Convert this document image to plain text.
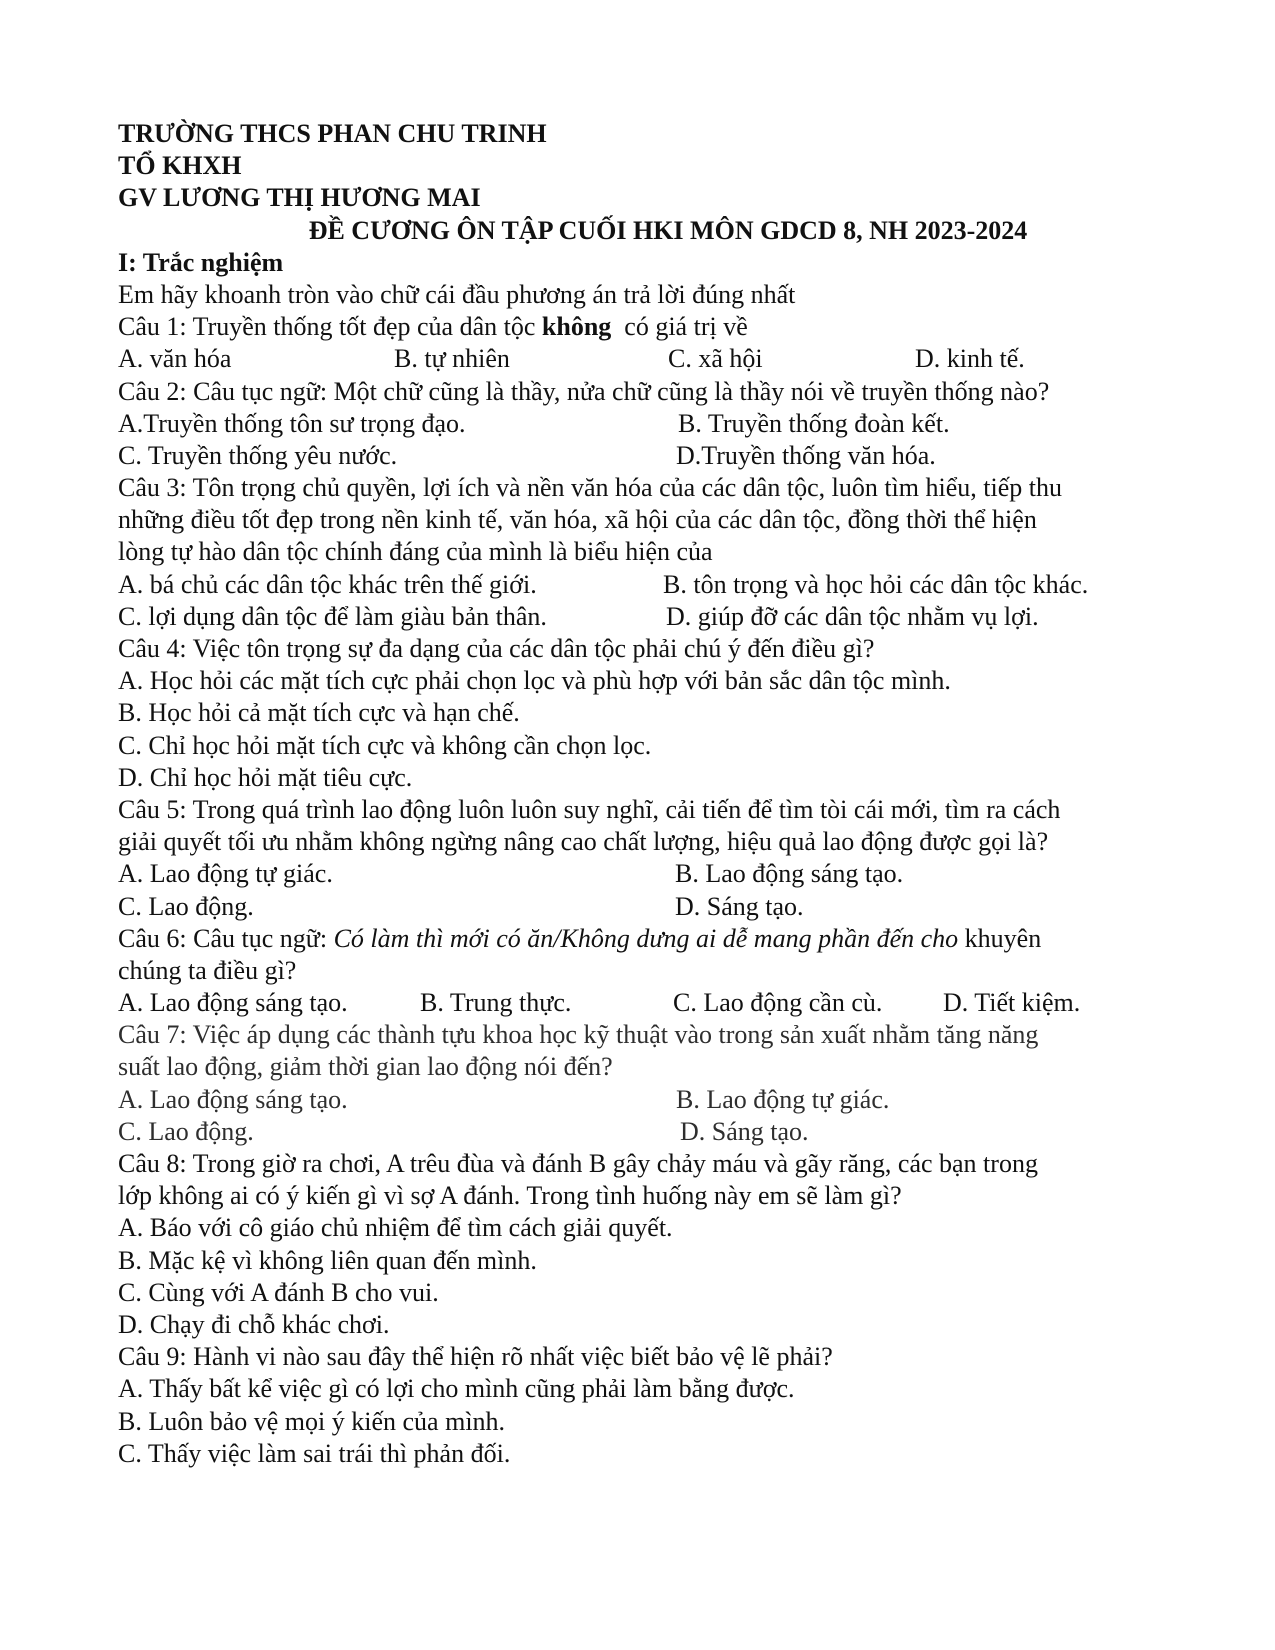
TRƯỜNG THCS PHAN CHU TRINH
TỔ KHXH
GV LƯƠNG THỊ HƯƠNG MAI
ĐỀ CƯƠNG ÔN TẬP CUỐI HKI MÔN GDCD 8, NH 2023-2024
I: Trắc nghiệm
Em hãy khoanh tròn vào chữ cái đầu phương án trả lời đúng nhất
Câu 1: Truyền thống tốt đẹp của dân tộc không  có giá trị về
A. văn hóa	B. tự nhiên	C. xã hội	D. kinh tế.
Câu 2: Câu tục ngữ: Một chữ cũng là thầy, nửa chữ cũng là thầy nói về truyền thống nào?
A.Truyền thống tôn sư trọng đạo.	B. Truyền thống đoàn kết.
C. Truyền thống yêu nước.	D.Truyền thống văn hóa.
Câu 3: Tôn trọng chủ quyền, lợi ích và nền văn hóa của các dân tộc, luôn tìm hiểu, tiếp thu
những điều tốt đẹp trong nền kinh tế, văn hóa, xã hội của các dân tộc, đồng thời thể hiện
lòng tự hào dân tộc chính đáng của mình là biểu hiện của
A. bá chủ các dân tộc khác trên thế giới.	B. tôn trọng và học hỏi các dân tộc khác.
C. lợi dụng dân tộc để làm giàu bản thân.	D. giúp đỡ các dân tộc nhằm vụ lợi.
Câu 4: Việc tôn trọng sự đa dạng của các dân tộc phải chú ý đến điều gì?
A. Học hỏi các mặt tích cực phải chọn lọc và phù hợp với bản sắc dân tộc mình.
B. Học hỏi cả mặt tích cực và hạn chế.
C. Chỉ học hỏi mặt tích cực và không cần chọn lọc.
D. Chỉ học hỏi mặt tiêu cực.
Câu 5: Trong quá trình lao động luôn luôn suy nghĩ, cải tiến để tìm tòi cái mới, tìm ra cách
giải quyết tối ưu nhằm không ngừng nâng cao chất lượng, hiệu quả lao động được gọi là?
A. Lao động tự giác.	B. Lao động sáng tạo.
C. Lao động.	D. Sáng tạo.
Câu 6: Câu tục ngữ: Có làm thì mới có ăn/Không dưng ai dễ mang phần đến cho khuyên
chúng ta điều gì?
A. Lao động sáng tạo.	B. Trung thực.	C. Lao động cần cù. D. Tiết kiệm.
Câu 7: Việc áp dụng các thành tựu khoa học kỹ thuật vào trong sản xuất nhằm tăng năng
suất lao động, giảm thời gian lao động nói đến?
A. Lao động sáng tạo.	B. Lao động tự giác.
C. Lao động.	D. Sáng tạo.
Câu 8: Trong giờ ra chơi, A trêu đùa và đánh B gây chảy máu và gãy răng, các bạn trong
lớp không ai có ý kiến gì vì sợ A đánh. Trong tình huống này em sẽ làm gì?
A. Báo với cô giáo chủ nhiệm để tìm cách giải quyết.
B. Mặc kệ vì không liên quan đến mình.
C. Cùng với A đánh B cho vui.
D. Chạy đi chỗ khác chơi.
Câu 9: Hành vi nào sau đây thể hiện rõ nhất việc biết bảo vệ lẽ phải?
A. Thấy bất kể việc gì có lợi cho mình cũng phải làm bằng được.
B. Luôn bảo vệ mọi ý kiến của mình.
C. Thấy việc làm sai trái thì phản đối.
